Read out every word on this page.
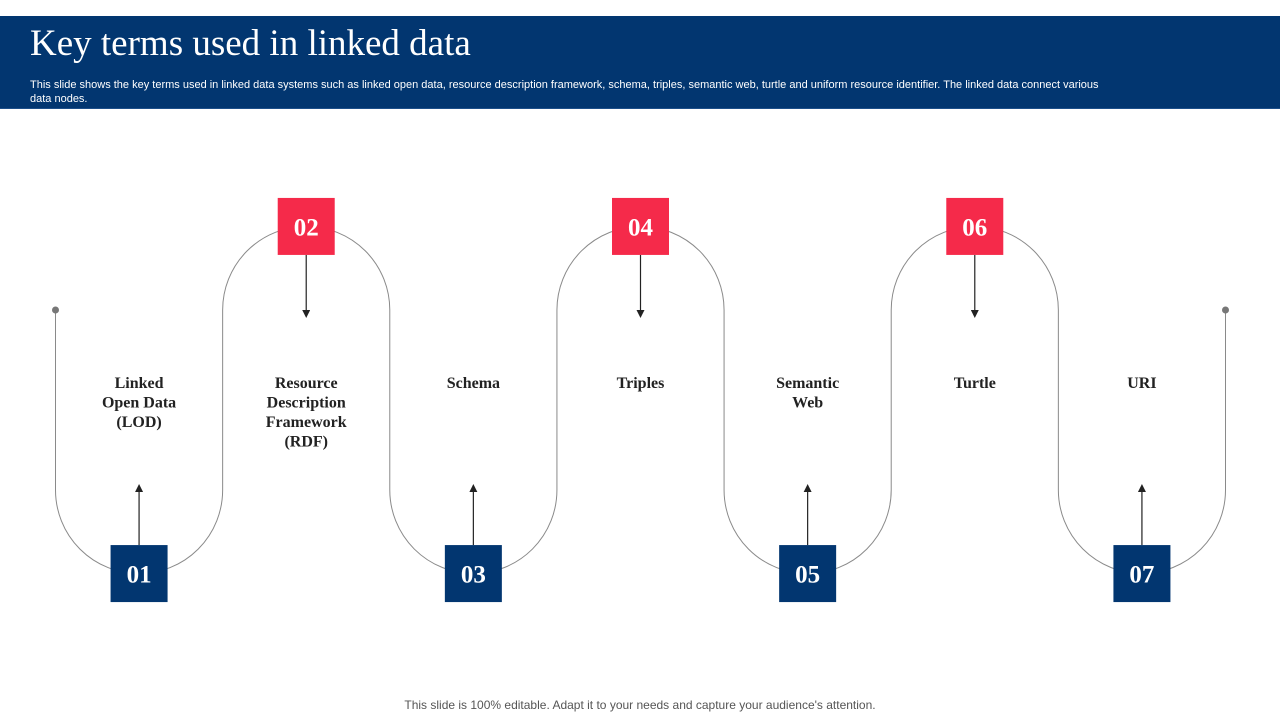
Key terms used in linked data

This slide shows the key terms used in linked data systems such as linked open data, resource description framework, schema, triples, semantic web, turtle and uniform resource identifier. The linked data connect various data nodes.

01
Linked Open Data (LOD)
02
Resource Description Framework (RDF)
03
Schema
04
Triples
05
Semantic Web
06
Turtle
07
URI
This slide is 100% editable. Adapt it to your needs and capture your audience's attention.
